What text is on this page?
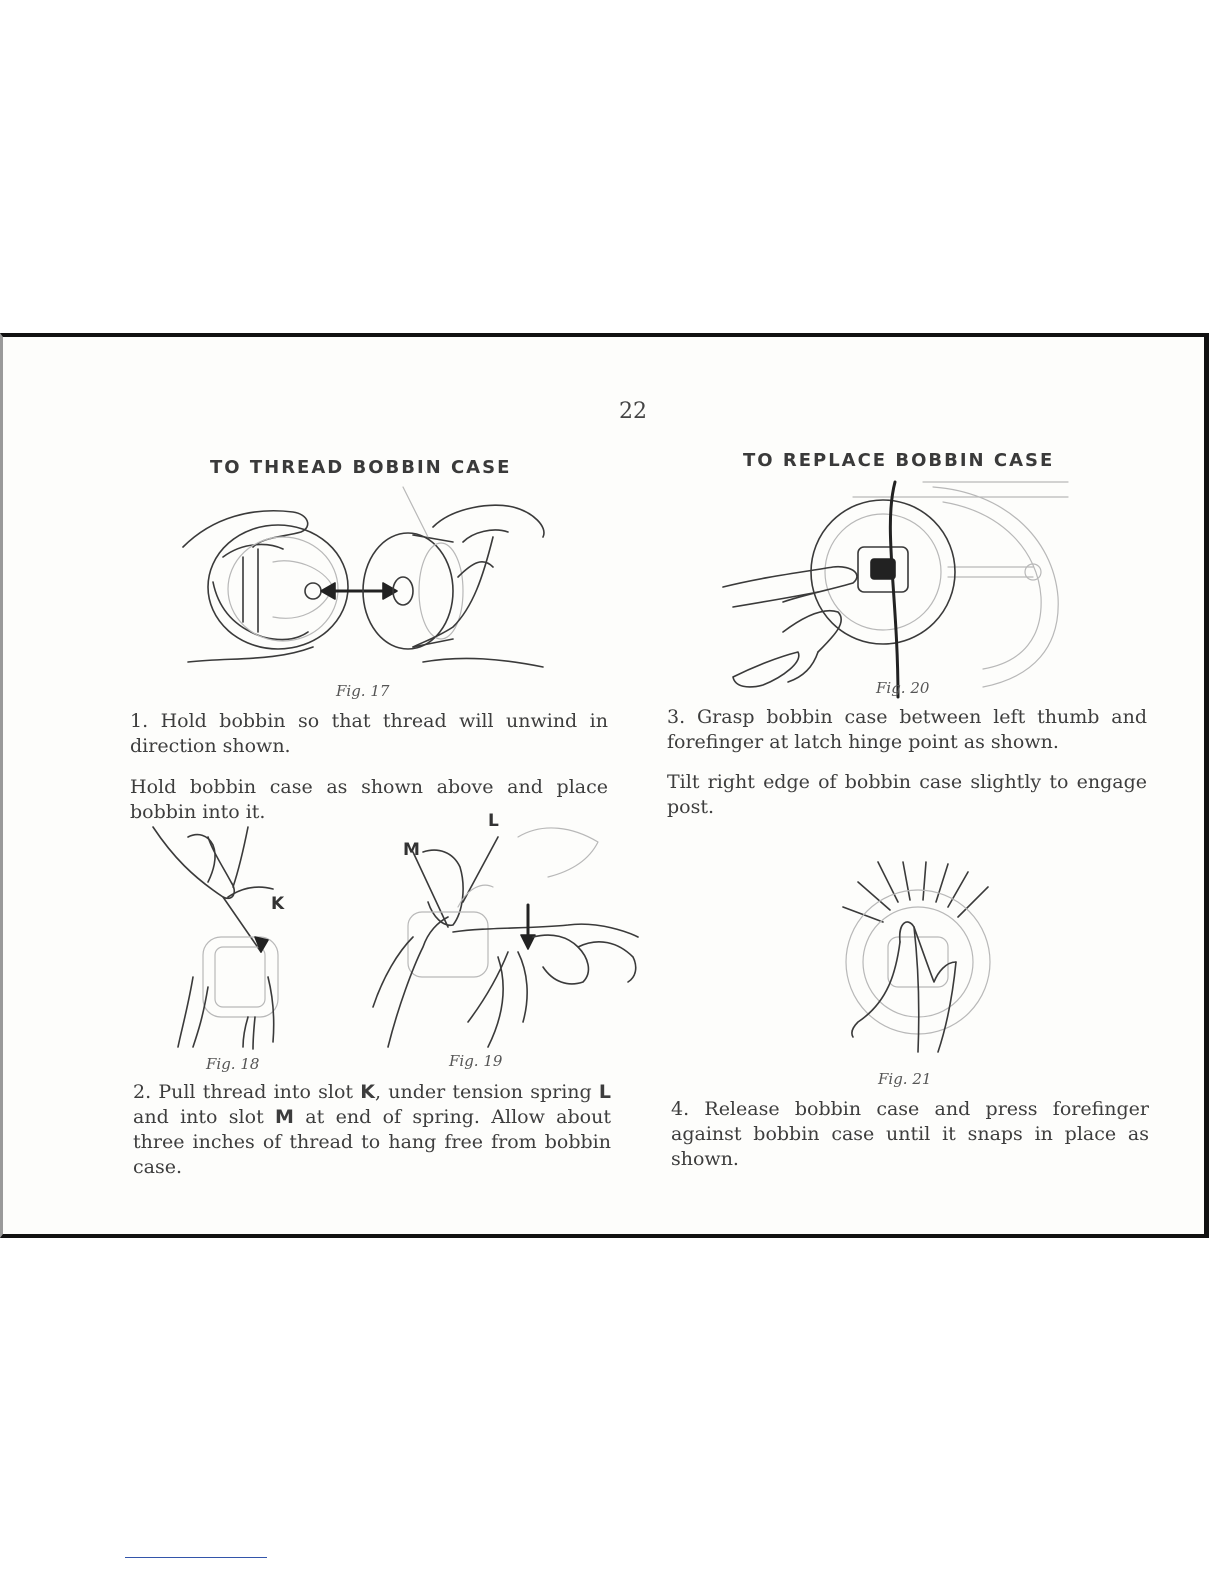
22
TO THREAD BOBBIN CASE
Fig. 17

1. Hold bobbin so that thread will unwind in direction shown.

Hold bobbin case as shown above and place bobbin into it.

K
M
L
Fig. 18	Fig. 19

2. Pull thread into slot K, under tension spring L and into slot M at end of spring. Allow about three inches of thread to hang free from bobbin case.

TO REPLACE BOBBIN CASE
Fig. 20

3. Grasp bobbin case between left thumb and forefinger at latch hinge point as shown.

Tilt right edge of bobbin case slightly to engage post.

Fig. 21

4. Release bobbin case and press forefinger against bobbin case until it snaps in place as shown.
